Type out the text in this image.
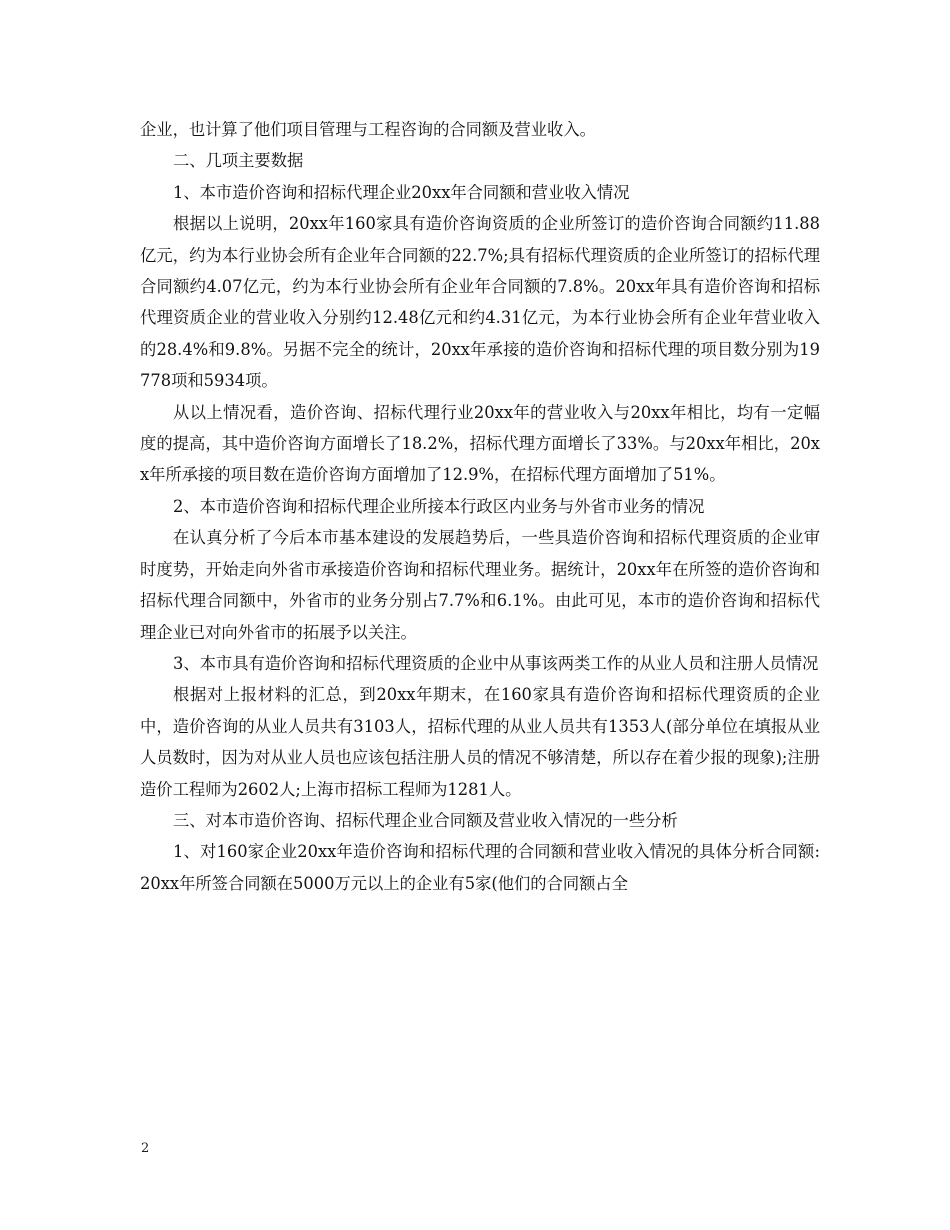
企业，也计算了他们项目管理与工程咨询的合同额及营业收入。

二、几项主要数据

1、本市造价咨询和招标代理企业20xx年合同额和营业收入情况

根据以上说明，20xx年160家具有造价咨询资质的企业所签订的造价咨询合同额约11.88亿元，约为本行业协会所有企业年合同额的22.7%;具有招标代理资质的企业所签订的招标代理合同额约4.07亿元，约为本行业协会所有企业年合同额的7.8%。20xx年具有造价咨询和招标代理资质企业的营业收入分别约12.48亿元和约4.31亿元，为本行业协会所有企业年营业收入的28.4%和9.8%。另据不完全的统计，20xx年承接的造价咨询和招标代理的项目数分别为19778项和5934项。

从以上情况看，造价咨询、招标代理行业20xx年的营业收入与20xx年相比，均有一定幅度的提高，其中造价咨询方面增长了18.2%，招标代理方面增长了33%。与20xx年相比，20xx年所承接的项目数在造价咨询方面增加了12.9%，在招标代理方面增加了51%。

2、本市造价咨询和招标代理企业所接本行政区内业务与外省市业务的情况

在认真分析了今后本市基本建设的发展趋势后，一些具造价咨询和招标代理资质的企业审时度势，开始走向外省市承接造价咨询和招标代理业务。据统计，20xx年在所签的造价咨询和招标代理合同额中，外省市的业务分别占7.7%和6.1%。由此可见，本市的造价咨询和招标代理企业已对向外省市的拓展予以关注。

3、本市具有造价咨询和招标代理资质的企业中从事该两类工作的从业人员和注册人员情况

根据对上报材料的汇总，到20xx年期末，在160家具有造价咨询和招标代理资质的企业中，造价咨询的从业人员共有3103人，招标代理的从业人员共有1353人(部分单位在填报从业人员数时，因为对从业人员也应该包括注册人员的情况不够清楚，所以存在着少报的现象);注册造价工程师为2602人;上海市招标工程师为1281人。

三、对本市造价咨询、招标代理企业合同额及营业收入情况的一些分析

1、对160家企业20xx年造价咨询和招标代理的合同额和营业收入情况的具体分析合同额:20xx年所签合同额在5000万元以上的企业有5家(他们的合同额占全

2
